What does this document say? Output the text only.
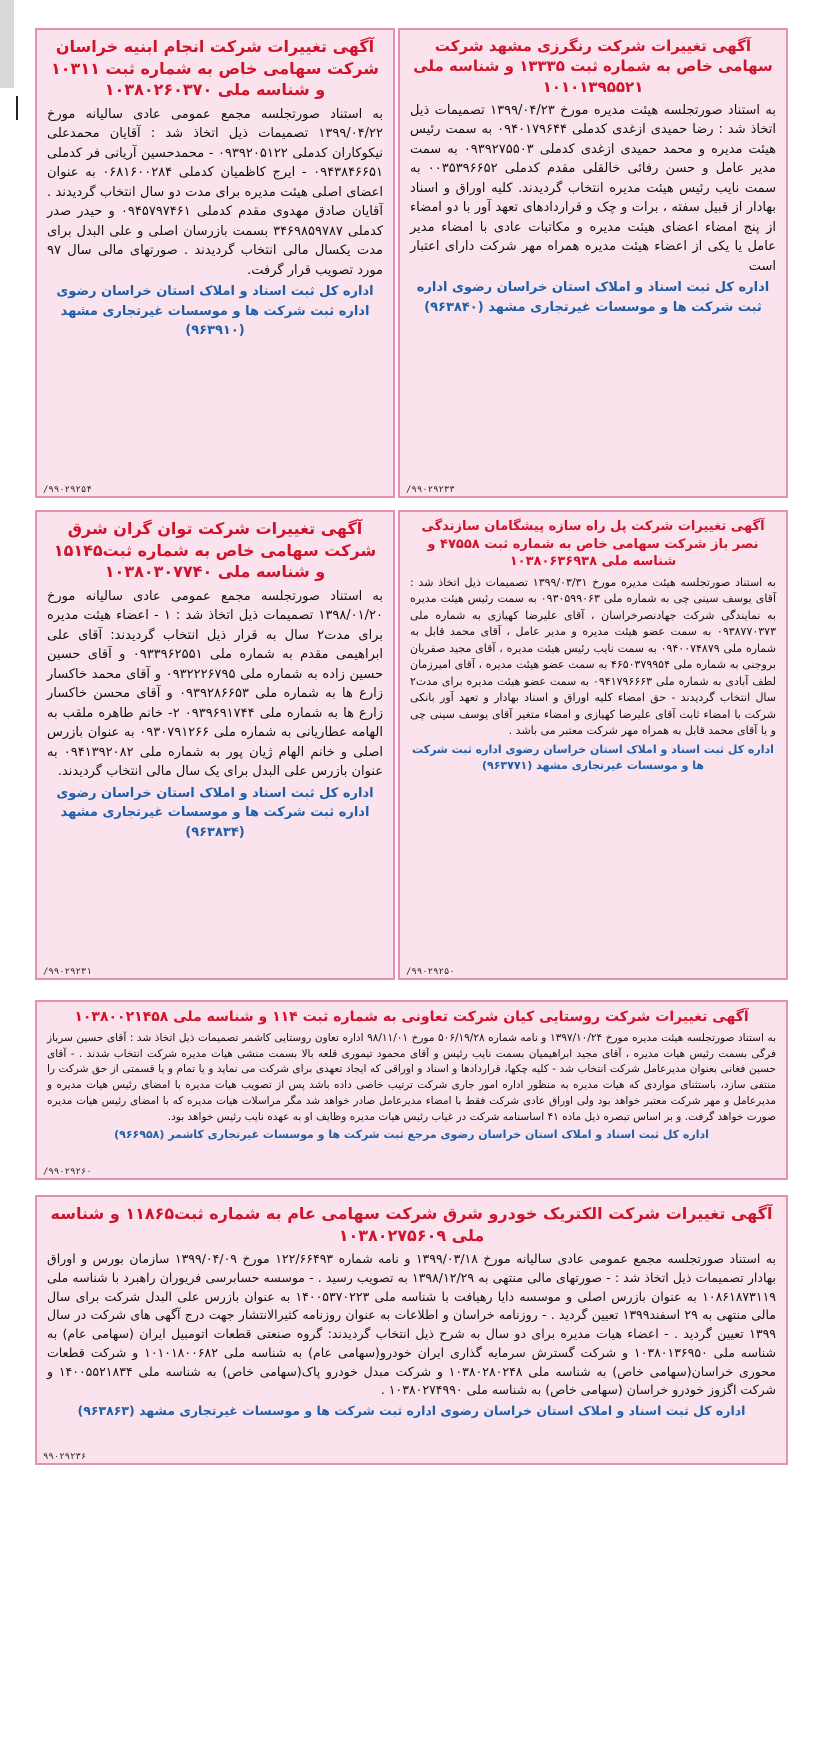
آگهی تغییرات شرکت انجام ابنیه خراسان شرکت سهامی خاص به شماره ثبت ۱۰۳۱۱ و شناسه ملی ۱۰۳۸۰۲۶۰۳۷۰
به استناد صورتجلسه مجمع عمومی عادی سالیانه مورخ ۱۳۹۹/۰۴/۲۲ تصمیمات ذیل اتخاذ شد : آقایان محمدعلی نیکوکاران کدملی ۰۹۳۹۲۰۵۱۲۲ - محمدحسین آریانی فر کدملی ۰۹۴۳۸۴۶۶۵۱ - ایرج کاظمیان کدملی ۰۶۸۱۶۰۰۲۸۴ به عنوان اعضای اصلی هیئت مدیره برای مدت دو سال انتخاب گردیدند . آقایان صادق مهدوی مقدم کدملی ۰۹۴۵۷۹۷۴۶۱ و حیدر صدر کدملی ۳۴۶۹۸۵۹۷۸۷ بسمت بازرسان اصلی و علی البدل برای مدت یکسال مالی انتخاب گردیدند . صورتهای مالی سال ۹۷ مورد تصویب قرار گرفت.
اداره کل ثبت اسناد و املاک استان خراسان رضوی اداره ثبت شرکت ها و موسسات غیرتجاری مشهد (۹۶۳۹۱۰)
/۹۹۰۲۹۲۵۴
آگهی تغییرات شرکت رنگرزی مشهد شرکت سهامی خاص به شماره ثبت ۱۳۳۳۵ و شناسه ملی ۱۰۱۰۱۳۹۵۵۲۱
به استناد صورتجلسه هیئت مدیره مورخ ۱۳۹۹/۰۴/۲۳ تصمیمات ذیل اتخاذ شد : رضا حمیدی ازغدی کدملی ۰۹۴۰۱۷۹۶۴۴ به سمت رئیس هیئت مدیره و محمد حمیدی ازغدی کدملی ۰۹۳۹۲۷۵۵۰۳ به سمت مدیر عامل و حسن رفائی خالقلی مقدم کدملی ۰۰۳۵۳۹۶۶۵۲ به سمت نایب رئیس هیئت مدیره انتخاب گردیدند. کلیه اوراق و اسناد بهادار از قبیل سفته ، برات و چک و قراردادهای تعهد آور با دو امضاء از پنج امضاء اعضای هیئت مدیره و مکاتبات عادی با امضاء مدیر عامل یا یکی از اعضاء هیئت مدیره همراه مهر شرکت دارای اعتبار است
اداره کل ثبت اسناد و املاک استان خراسان رضوی اداره ثبت شرکت ها و موسسات غیرتجاری مشهد (۹۶۳۸۴۰)
/۹۹۰۲۹۲۳۳
آگهی تغییرات شرکت توان گران شرق شرکت سهامی خاص به شماره ثبت۱۵۱۴۵ و شناسه ملی ۱۰۳۸۰۳۰۷۷۴۰
به استناد صورتجلسه مجمع عمومی عادی سالیانه مورخ ۱۳۹۸/۰۱/۲۰ تصمیمات ذیل اتخاذ شد : ۱ - اعضاء هیئت مدیره برای مدت۲ سال به قرار ذیل انتخاب گردیدند: آقای علی ابراهیمی مقدم به شماره ملی ۰۹۳۳۹۶۲۵۵۱ و آقای حسین حسین زاده به شماره ملی ۰۹۳۲۲۲۶۷۹۵ و آقای محمد خاکسار زارع ها به شماره ملی ۰۹۳۹۲۸۶۶۵۳ و آقای محسن خاکسار زارع ها به شماره ملی ۰۹۳۹۶۹۱۷۴۴ ۲- خانم طاهره ملقب به الهامه عطاریانی به شماره ملی ۰۹۳۰۷۹۱۲۶۶ به عنوان بازرس اصلی و خانم الهام ژیان پور به شماره ملی ۰۹۴۱۳۹۲۰۸۲ به عنوان بازرس علی البدل برای یک سال مالی انتخاب گردیدند.
اداره کل ثبت اسناد و املاک استان خراسان رضوی اداره ثبت شرکت ها و موسسات غیرتجاری مشهد (۹۶۳۸۳۴)
/۹۹۰۲۹۲۳۱
آگهی تغییرات شرکت پل راه سازه پیشگامان سازندگی نصر باز شرکت سهامی خاص به شماره ثبت ۴۷۵۵۸ و شناسه ملی ۱۰۳۸۰۶۳۶۹۳۸
به استناد صورتجلسه هیئت مدیره مورخ ۱۳۹۹/۰۳/۳۱ تصمیمات ذیل اتخاذ شد : آقای یوسف سینی چی به شماره ملی ۰۹۳۰۵۹۹۰۶۳ به سمت رئیس هیئت مدیره به نمایندگی شرکت جهادنصرخراسان ، آقای علیرضا کهیازی به شماره ملی ۰۹۳۸۷۷۰۳۷۳ به سمت عضو هیئت مدیره و مدیر عامل ، آقای محمد قابل به شماره ملی ۰۹۴۰۰۷۴۸۷۹ به سمت نایب رئیس هیئت مدیره ، آقای مجید صفریان بروجنی به شماره ملی ۴۶۵۰۳۷۹۹۵۴ به سمت عضو هیئت مدیره ، آقای امیرزمان لطف آبادی به شماره ملی ۰۹۴۱۷۹۶۶۶۳ به سمت عضو هیئت مدیره برای مدت۲ سال انتخاب گردیدند - حق امضاء کلیه اوراق و اسناد بهادار و تعهد آور بانکی شرکت با امضاء ثابت آقای علیرضا کهیازی و امضاء متغیر آقای یوسف سینی چی و یا آقای محمد قابل به همراه مهر شرکت معتبر می باشد .
اداره کل ثبت اسناد و املاک استان خراسان رضوی اداره ثبت شرکت ها و موسسات غیرتجاری مشهد (۹۶۳۷۷۱)
/۹۹۰۲۹۲۵۰
آگهی تغییرات شرکت روستایی کیان شرکت تعاونی به شماره ثبت ۱۱۴ و شناسه ملی ۱۰۳۸۰۰۲۱۴۵۸
به استناد صورتجلسه هیئت مدیره مورخ ۱۳۹۷/۱۰/۲۴ و نامه شماره ۵۰۶/۱۹/۲۸ مورخ ۹۸/۱۱/۰۱ اداره تعاون روستایی کاشمر تصمیمات ذیل اتخاذ شد : آقای حسین سرباز فرگی بسمت رئیس هیات مدیره ، آقای مجید ابراهیمیان بسمت نایب رئیس و آقای محمود تیموری قلعه بالا بسمت منشی هیات مدیره شرکت انتخاب شدند . - آقای حسین فغانی بعنوان مدیرعامل شرکت انتخاب شد - کلیه چکها، قراردادها و اسناد و اوراقی که ایجاد تعهدی برای شرکت می نماید و یا تمام و یا قسمتی از حق شرکت را منتفی سازد، باستثنای مواردی که هیات مدیره به منظور اداره امور جاری شرکت ترتیب خاصی داده باشد پس از تصویب هیات مدیره با امضای رئیس هیات مدیره و مدیرعامل و مهر شرکت معتبر خواهد بود ولی اوراق عادی شرکت فقط با امضاء مدیرعامل صادر خواهد شد مگر مراسلات هیات مدیره که با امضای رئیس هیات مدیره صورت خواهد گرفت. و بر اساس تبصره ذیل ماده ۴۱ اساسنامه شرکت در غیاب رئیس هیات مدیره وظایف او به عهده نایب رئیس خواهد بود.
اداره کل ثبت اسناد و املاک استان خراسان رضوی مرجع ثبت شرکت ها و موسسات غیرتجاری کاشمر (۹۶۶۹۵۸)
/۹۹۰۲۹۲۶۰
آگهی تغییرات شرکت الکتریک خودرو شرق شرکت سهامی عام به شماره ثبت۱۱۸۶۵ و شناسه ملی ۱۰۳۸۰۲۷۵۶۰۹
به استناد صورتجلسه مجمع عمومی عادی سالیانه مورخ ۱۳۹۹/۰۳/۱۸ و نامه شماره ۱۲۲/۶۶۴۹۳ مورخ ۱۳۹۹/۰۴/۰۹ سازمان بورس و اوراق بهادار تصمیمات ذیل اتخاذ شد : - صورتهای مالی منتهی به ۱۳۹۸/۱۲/۲۹ به تصویب رسید . - موسسه حسابرسی فریوران راهبرد با شناسه ملی ۱۰۸۶۱۸۷۳۱۱۹ به عنوان بازرس اصلی و موسسه دایا رهیافت با شناسه ملی ۱۴۰۰۵۳۷۰۲۲۳ به عنوان بازرس علی البدل شرکت برای سال مالی منتهی به ۲۹ اسفند۱۳۹۹ تعیین گردید . - روزنامه خراسان و اطلاعات به عنوان روزنامه کثیرالانتشار جهت درج آگهی های شرکت در سال ۱۳۹۹ تعیین گردید . - اعضاء هیات مدیره برای دو سال به شرح ذیل انتخاب گردیدند: گروه صنعتی قطعات اتومبیل ایران (سهامی عام) به شناسه ملی ۱۰۳۸۰۱۳۶۹۵۰ و شرکت گسترش سرمایه گذاری ایران خودرو(سهامی عام) به شناسه ملی ۱۰۱۰۱۸۰۰۶۸۲ و شرکت قطعات محوری خراسان(سهامی خاص) به شناسه ملی ۱۰۳۸۰۲۸۰۲۴۸ و شرکت مبدل خودرو پاک(سهامی خاص) به شناسه ملی ۱۴۰۰۵۵۲۱۸۳۴ و شرکت اگزوز خودرو خراسان (سهامی خاص) به شناسه ملی ۱۰۳۸۰۲۷۴۹۹۰ .
اداره کل ثبت اسناد و املاک استان خراسان رضوی اداره ثبت شرکت ها و موسسات غیرتجاری مشهد (۹۶۳۸۶۳)
۹۹۰۲۹۲۳۶
